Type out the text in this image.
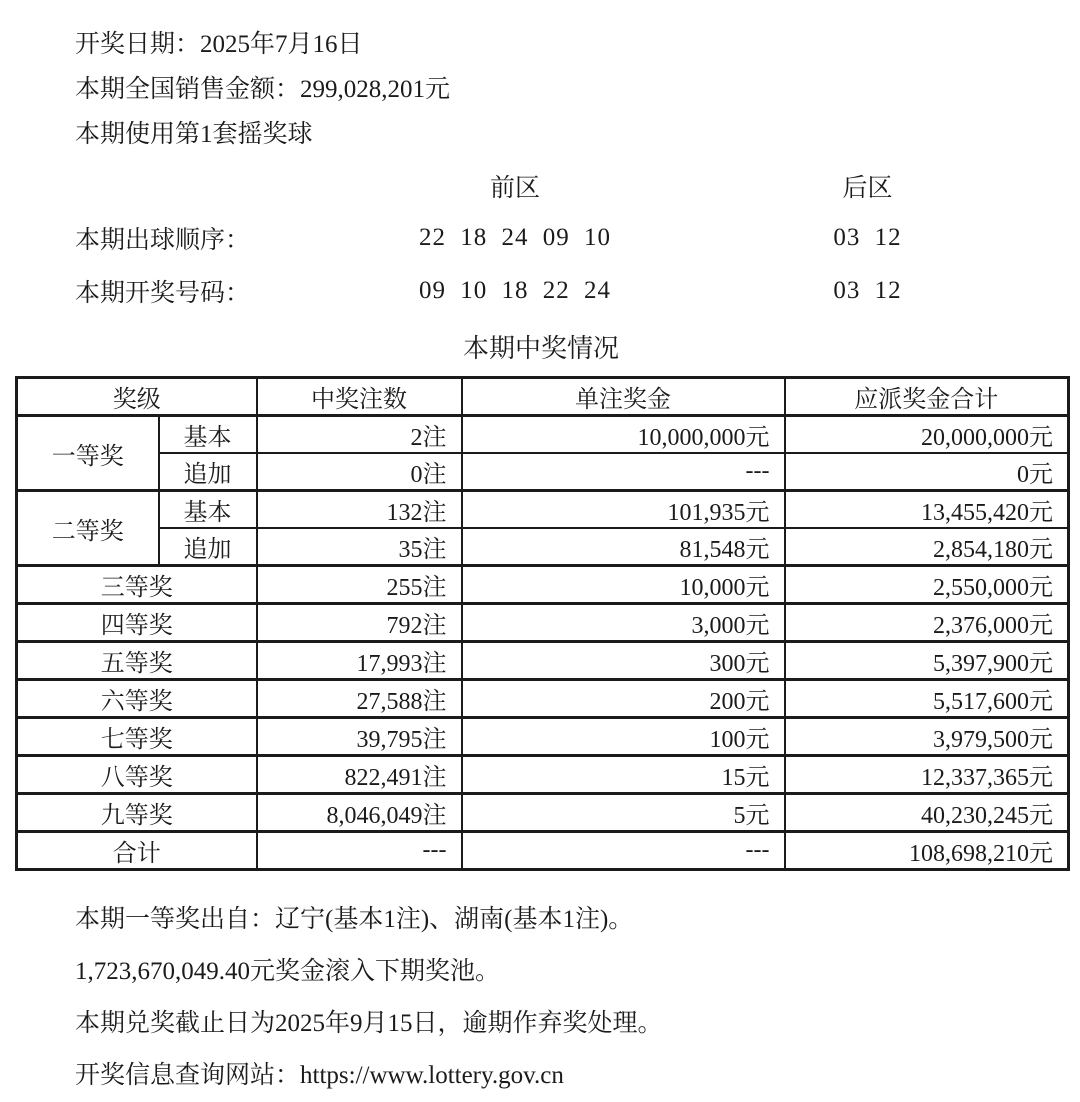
开奖日期：2025年7月16日
本期全国销售金额：299,028,201元
本期使用第1套摇奖球
前区	后区
本期出球顺序：	22 18 24 09 10	03 12
本期开奖号码：	09 10 18 22 24	03 12
本期中奖情况
奖级		中奖注数	单注奖金	应派奖金合计
一等奖	基本	2注	10,000,000元	20,000,000元
	追加	0注	---	0元
二等奖	基本	132注	101,935元	13,455,420元
	追加	35注	81,548元	2,854,180元
三等奖		255注	10,000元	2,550,000元
四等奖		792注	3,000元	2,376,000元
五等奖		17,993注	300元	5,397,900元
六等奖		27,588注	200元	5,517,600元
七等奖		39,795注	100元	3,979,500元
八等奖		822,491注	15元	12,337,365元
九等奖		8,046,049注	5元	40,230,245元
合计		---	---	108,698,210元
本期一等奖出自：辽宁(基本1注)、湖南(基本1注)。
1,723,670,049.40元奖金滚入下期奖池。
本期兑奖截止日为2025年9月15日，逾期作弃奖处理。
开奖信息查询网站：https://www.lottery.gov.cn
